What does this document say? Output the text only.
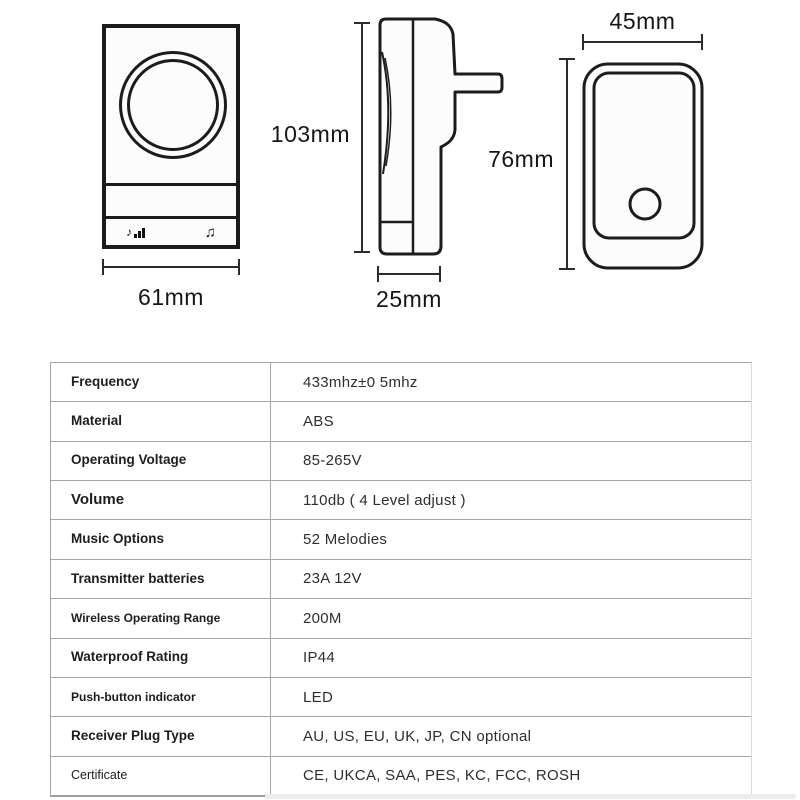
♪	♫
61mm
103mm
25mm
45mm
76mm
Frequency	433mhz±0 5mhz
Material	ABS
Operating Voltage	85-265V
Volume	110db ( 4 Level adjust )
Music Options	52 Melodies
Transmitter batteries	23A 12V
Wireless Operating Range	200M
Waterproof Rating	IP44
Push-button indicator	LED
Receiver Plug Type	AU, US, EU, UK, JP, CN optional
Certificate	CE, UKCA, SAA, PES, KC, FCC, ROSH
